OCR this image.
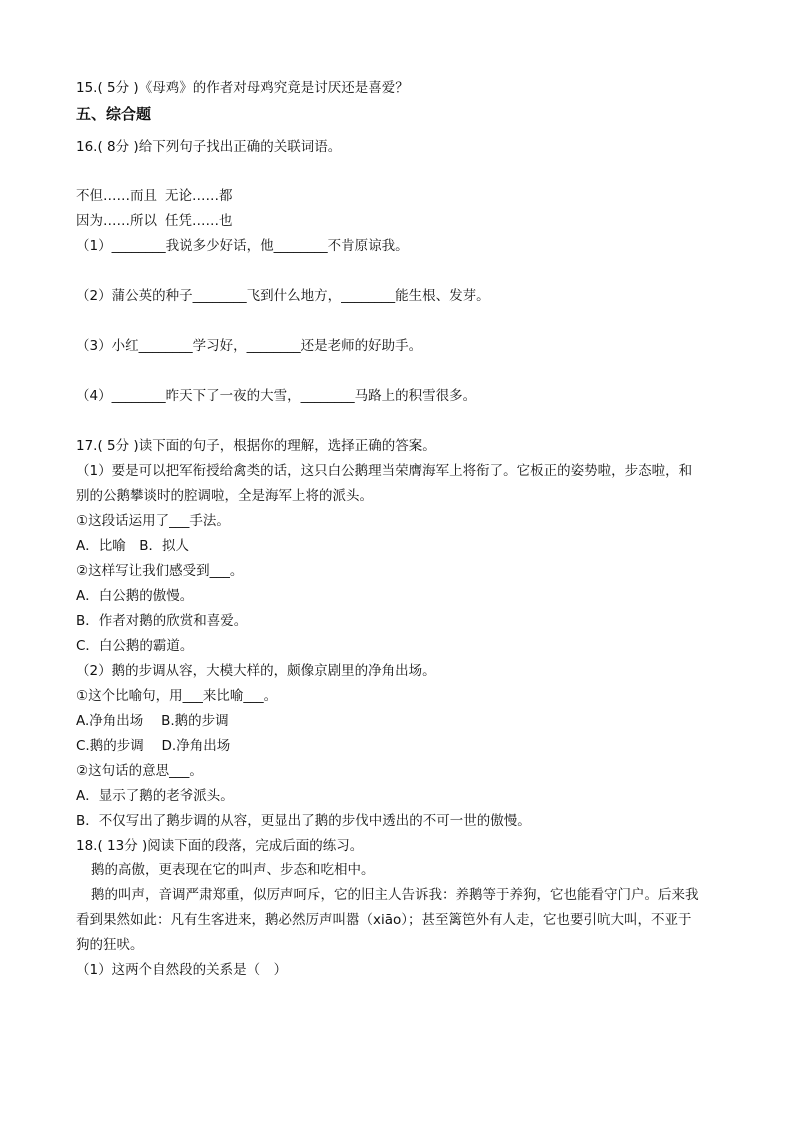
15.( 5分 )《母鸡》的作者对母鸡究竟是讨厌还是喜爱？
五、综合题
16.( 8分 )给下列句子找出正确的关联词语。
不但……而且 无论……都
因为……所以 任凭……也
（1）________我说多少好话，他________不肯原谅我。
（2）蒲公英的种子________飞到什么地方，________能生根、发芽。
（3）小红________学习好，________还是老师的好助手。
（4）________昨天下了一夜的大雪，________马路上的积雪很多。
17.( 5分 )读下面的句子，根据你的理解，选择正确的答案。
（1）要是可以把军衔授给禽类的话，这只白公鹅理当荣膺海军上将衔了。它板正的姿势啦，步态啦，和
别的公鹅攀谈时的腔调啦，全是海军上将的派头。
①这段话运用了___手法。
A．比喻　B．拟人
②这样写让我们感受到___。
A．白公鹅的傲慢。
B．作者对鹅的欣赏和喜爱。
C．白公鹅的霸道。
（2）鹅的步调从容，大模大样的，颇像京剧里的净角出场。
①这个比喻句，用___来比喻___。
A.净角出场　 B.鹅的步调
C.鹅的步调　 D.净角出场
②这句话的意思___。
A．显示了鹅的老爷派头。
B．不仅写出了鹅步调的从容，更显出了鹅的步伐中透出的不可一世的傲慢。
18.( 13分 )阅读下面的段落，完成后面的练习。
鹅的高傲，更表现在它的叫声、步态和吃相中。
鹅的叫声，音调严肃郑重，似厉声呵斥，它的旧主人告诉我：养鹅等于养狗，它也能看守门户。后来我
看到果然如此：凡有生客进来，鹅必然厉声叫嚣（xiāo）；甚至篱笆外有人走，它也要引吭大叫，不亚于
狗的狂吠。
（1）这两个自然段的关系是（　）
